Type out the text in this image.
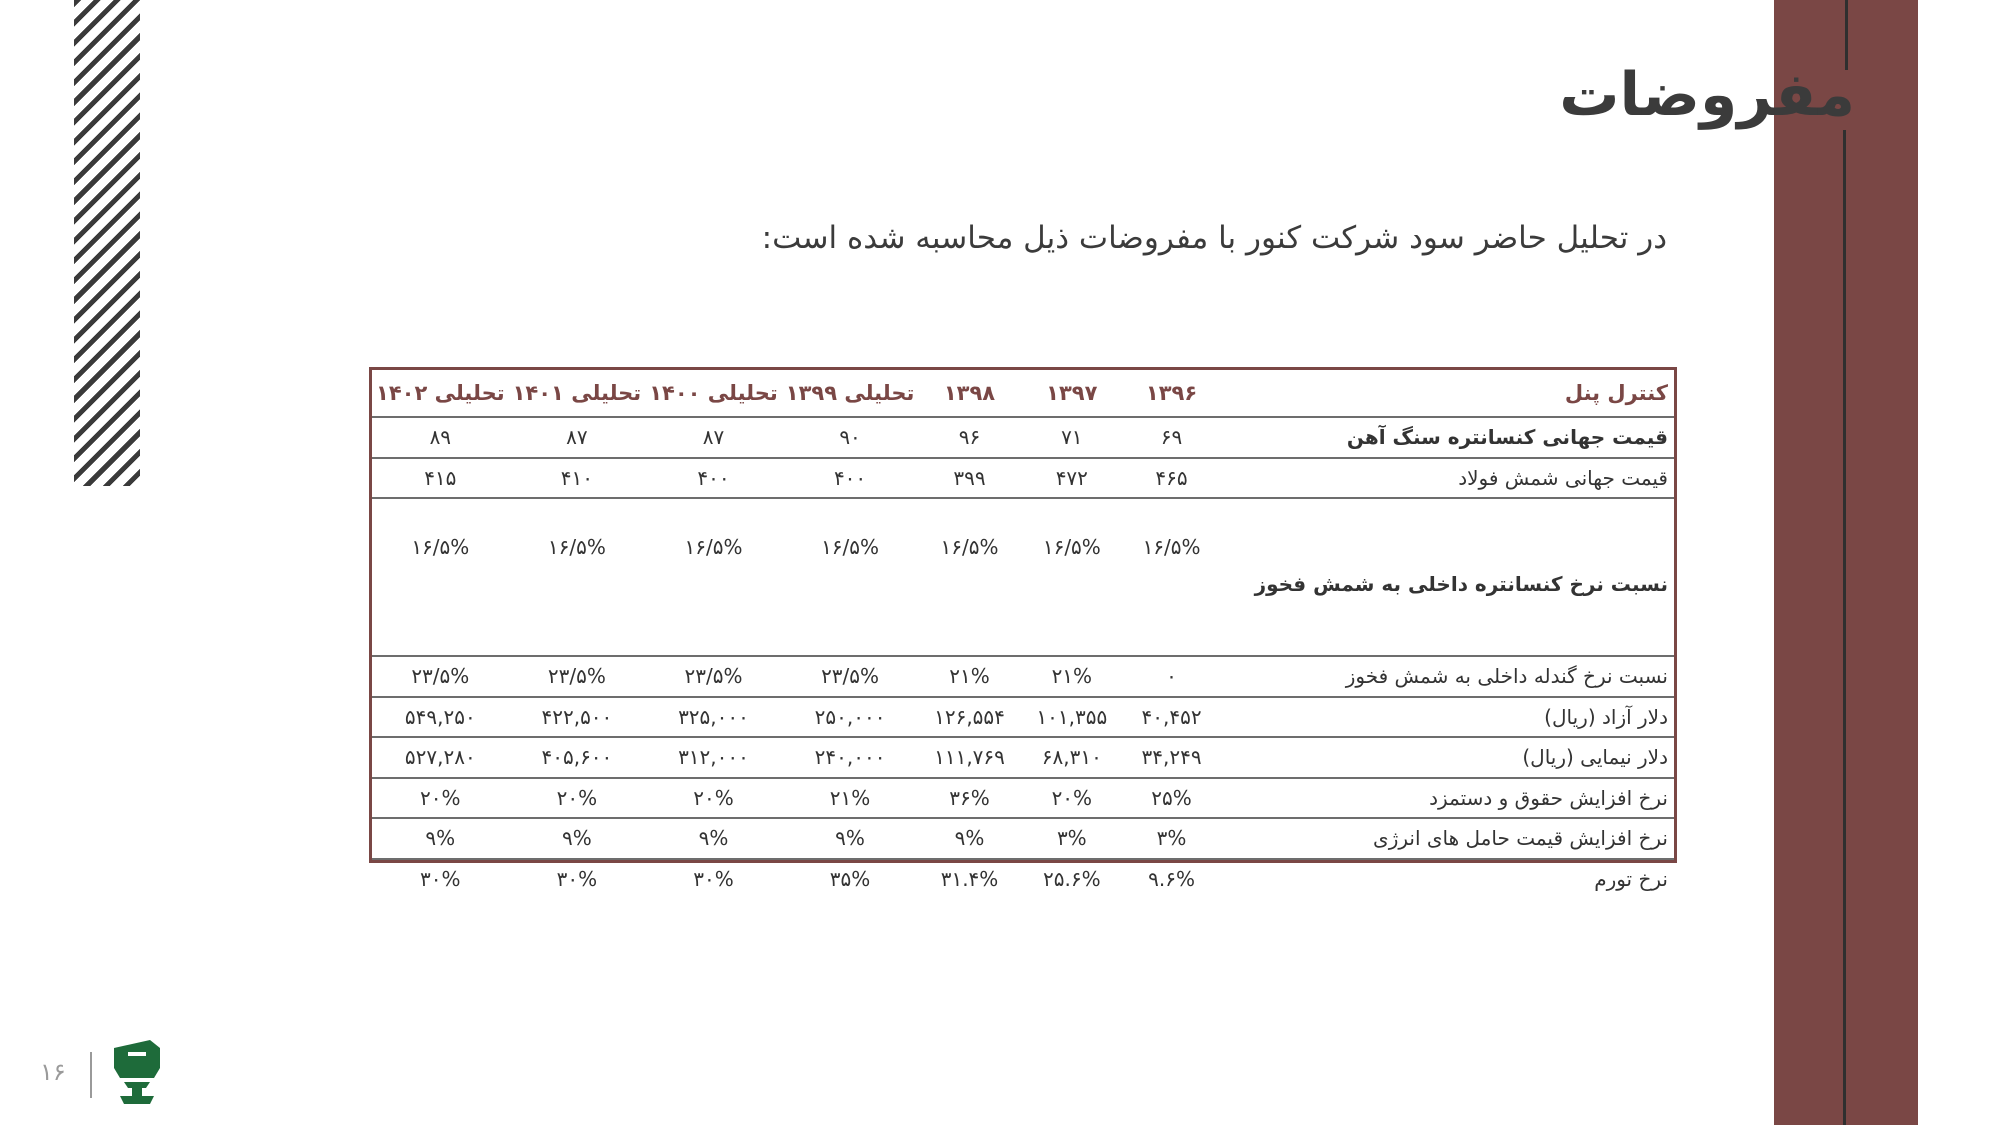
مفروضات

در تحلیل حاضر سود شرکت کنور با مفروضات ذیل محاسبه شده است:

کنترل پنل	۱۳۹۶	۱۳۹۷	۱۳۹۸	تحلیلی ۱۳۹۹	تحلیلی ۱۴۰۰	تحلیلی ۱۴۰۱	تحلیلی ۱۴۰۲
قیمت جهانی کنسانتره سنگ آهن	۶۹	۷۱	۹۶	۹۰	۸۷	۸۷	۸۹
قیمت جهانی شمش فولاد	۴۶۵	۴۷۲	۳۹۹	۴۰۰	۴۰۰	۴۱۰	۴۱۵
نسبت نرخ کنسانتره داخلی به شمش فخوز	۱۶/۵%	۱۶/۵%	۱۶/۵%	۱۶/۵%	۱۶/۵%	۱۶/۵%	۱۶/۵%
نسبت نرخ گندله داخلی به شمش فخوز	۰	۲۱%	۲۱%	۲۳/۵%	۲۳/۵%	۲۳/۵%	۲۳/۵%
دلار آزاد (ریال)	۴۰,۴۵۲	۱۰۱,۳۵۵	۱۲۶,۵۵۴	۲۵۰,۰۰۰	۳۲۵,۰۰۰	۴۲۲,۵۰۰	۵۴۹,۲۵۰
دلار نیمایی (ریال)	۳۴,۲۴۹	۶۸,۳۱۰	۱۱۱,۷۶۹	۲۴۰,۰۰۰	۳۱۲,۰۰۰	۴۰۵,۶۰۰	۵۲۷,۲۸۰
نرخ افزایش حقوق و دستمزد	۲۵%	۲۰%	۳۶%	۲۱%	۲۰%	۲۰%	۲۰%
نرخ افزایش قیمت حامل های انرژی	۳%	۳%	۹%	۹%	۹%	۹%	۹%
نرخ تورم	۹.۶%	۲۵.۶%	۳۱.۴%	۳۵%	۳۰%	۳۰%	۳۰%
۱۶
